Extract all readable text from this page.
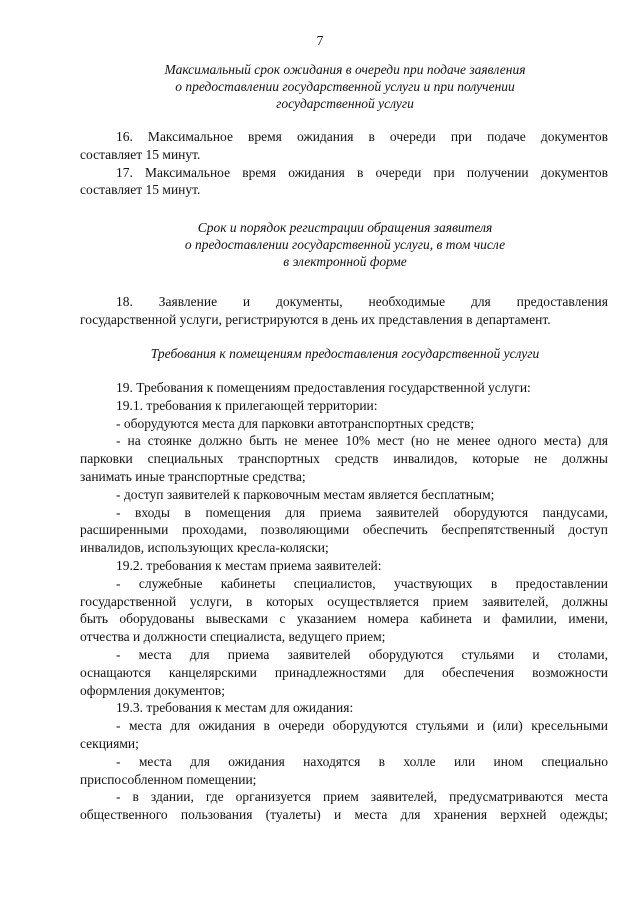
7
Максимальный срок ожидания в очереди при подаче заявления
о предоставлении государственной услуги и при получении
государственной услуги
16. Максимальное время ожидания в очереди при подаче документов
составляет 15 минут.
17. Максимальное время ожидания в очереди при получении документов
составляет 15 минут.
Срок и порядок регистрации обращения заявителя
о предоставлении государственной услуги, в том числе
в электронной форме
18. Заявление и документы, необходимые для предоставления
государственной услуги, регистрируются в день их представления в департамент.
Требования к помещениям предоставления государственной услуги
19. Требования к помещениям предоставления государственной услуги:
19.1. требования к прилегающей территории:
- оборудуются места для парковки автотранспортных средств;
- на стоянке должно быть не менее 10% мест (но не менее одного места) для
парковки специальных транспортных средств инвалидов, которые не должны
занимать иные транспортные средства;
- доступ заявителей к парковочным местам является бесплатным;
- входы в помещения для приема заявителей оборудуются пандусами,
расширенными проходами, позволяющими обеспечить беспрепятственный доступ
инвалидов, использующих кресла-коляски;
19.2. требования к местам приема заявителей:
- служебные кабинеты специалистов, участвующих в предоставлении
государственной услуги, в которых осуществляется прием заявителей, должны
быть оборудованы вывесками с указанием номера кабинета и фамилии, имени,
отчества и должности специалиста, ведущего прием;
- места для приема заявителей оборудуются стульями и столами,
оснащаются канцелярскими принадлежностями для обеспечения возможности
оформления документов;
19.3. требования к местам для ожидания:
- места для ожидания в очереди оборудуются стульями и (или) кресельными
секциями;
- места для ожидания находятся в холле или ином специально
приспособленном помещении;
- в здании, где организуется прием заявителей, предусматриваются места
общественного пользования (туалеты) и места для хранения верхней одежды;
